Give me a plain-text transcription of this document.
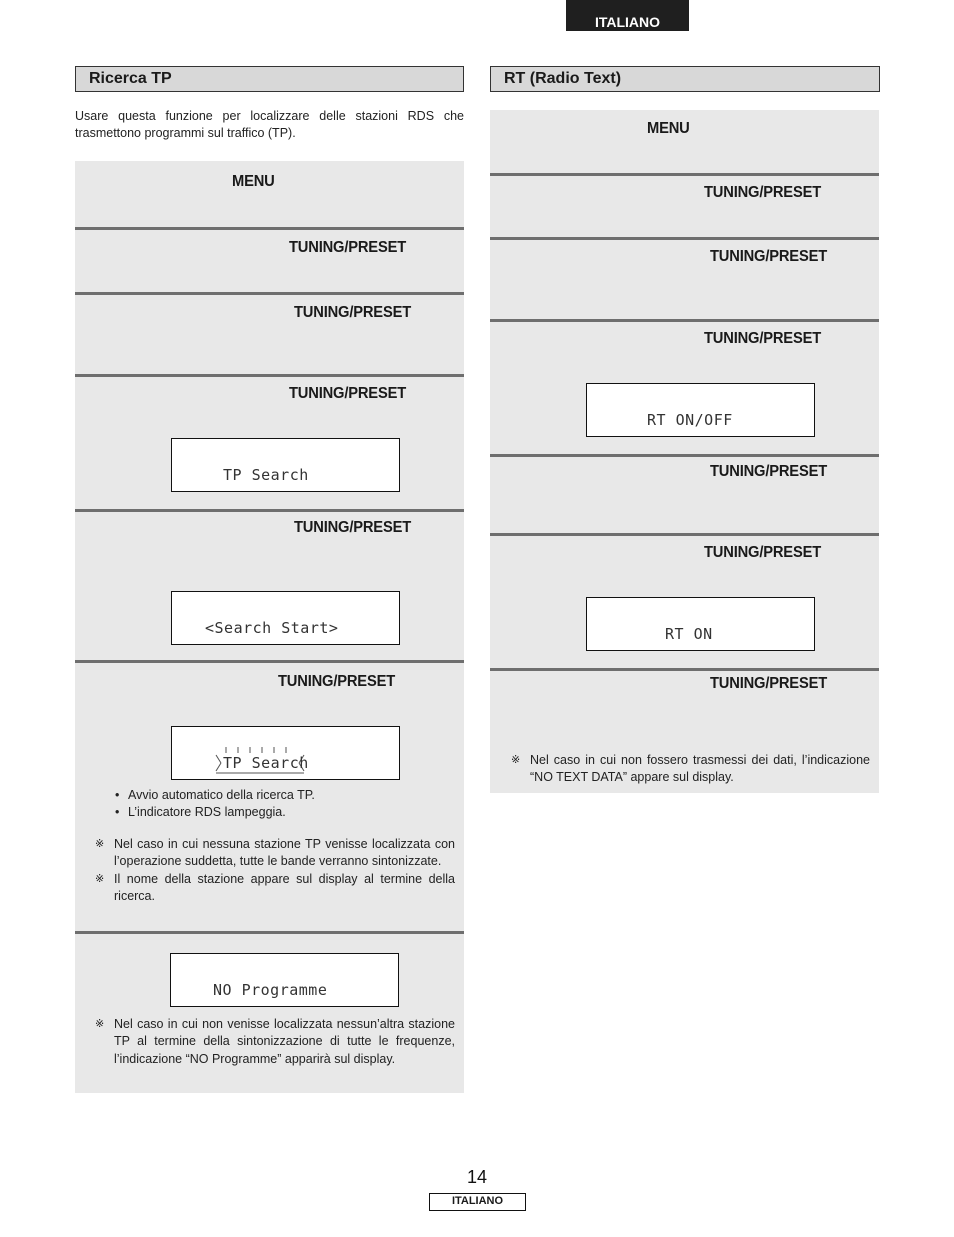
ITALIANO
Ricerca TP
Usare questa funzione per localizzare delle stazioni RDS che trasmettono programmi sul traffico (TP).
MENU
TUNING/PRESET
TUNING/PRESET
TUNING/PRESET
TP Search
TUNING/PRESET
<Search Start>
TUNING/PRESET
TP Search
• Avvio automatico della ricerca TP.
• L’indicatore RDS lampeggia.
※ Nel caso in cui nessuna stazione TP venisse localizzata con l’operazione suddetta, tutte le bande verranno sintonizzate.
※ Il nome della stazione appare sul display al termine della ricerca.
NO Programme
※ Nel caso in cui non venisse localizzata nessun’altra stazione TP al termine della sintonizzazione di tutte le frequenze, l’indicazione “NO Programme” apparirà sul display.
RT (Radio Text)
MENU
TUNING/PRESET
TUNING/PRESET
TUNING/PRESET
RT ON/OFF
TUNING/PRESET
TUNING/PRESET
RT ON
TUNING/PRESET
※ Nel caso in cui non fossero trasmessi dei dati, l’indicazione “NO TEXT DATA” appare sul display.
14
ITALIANO
